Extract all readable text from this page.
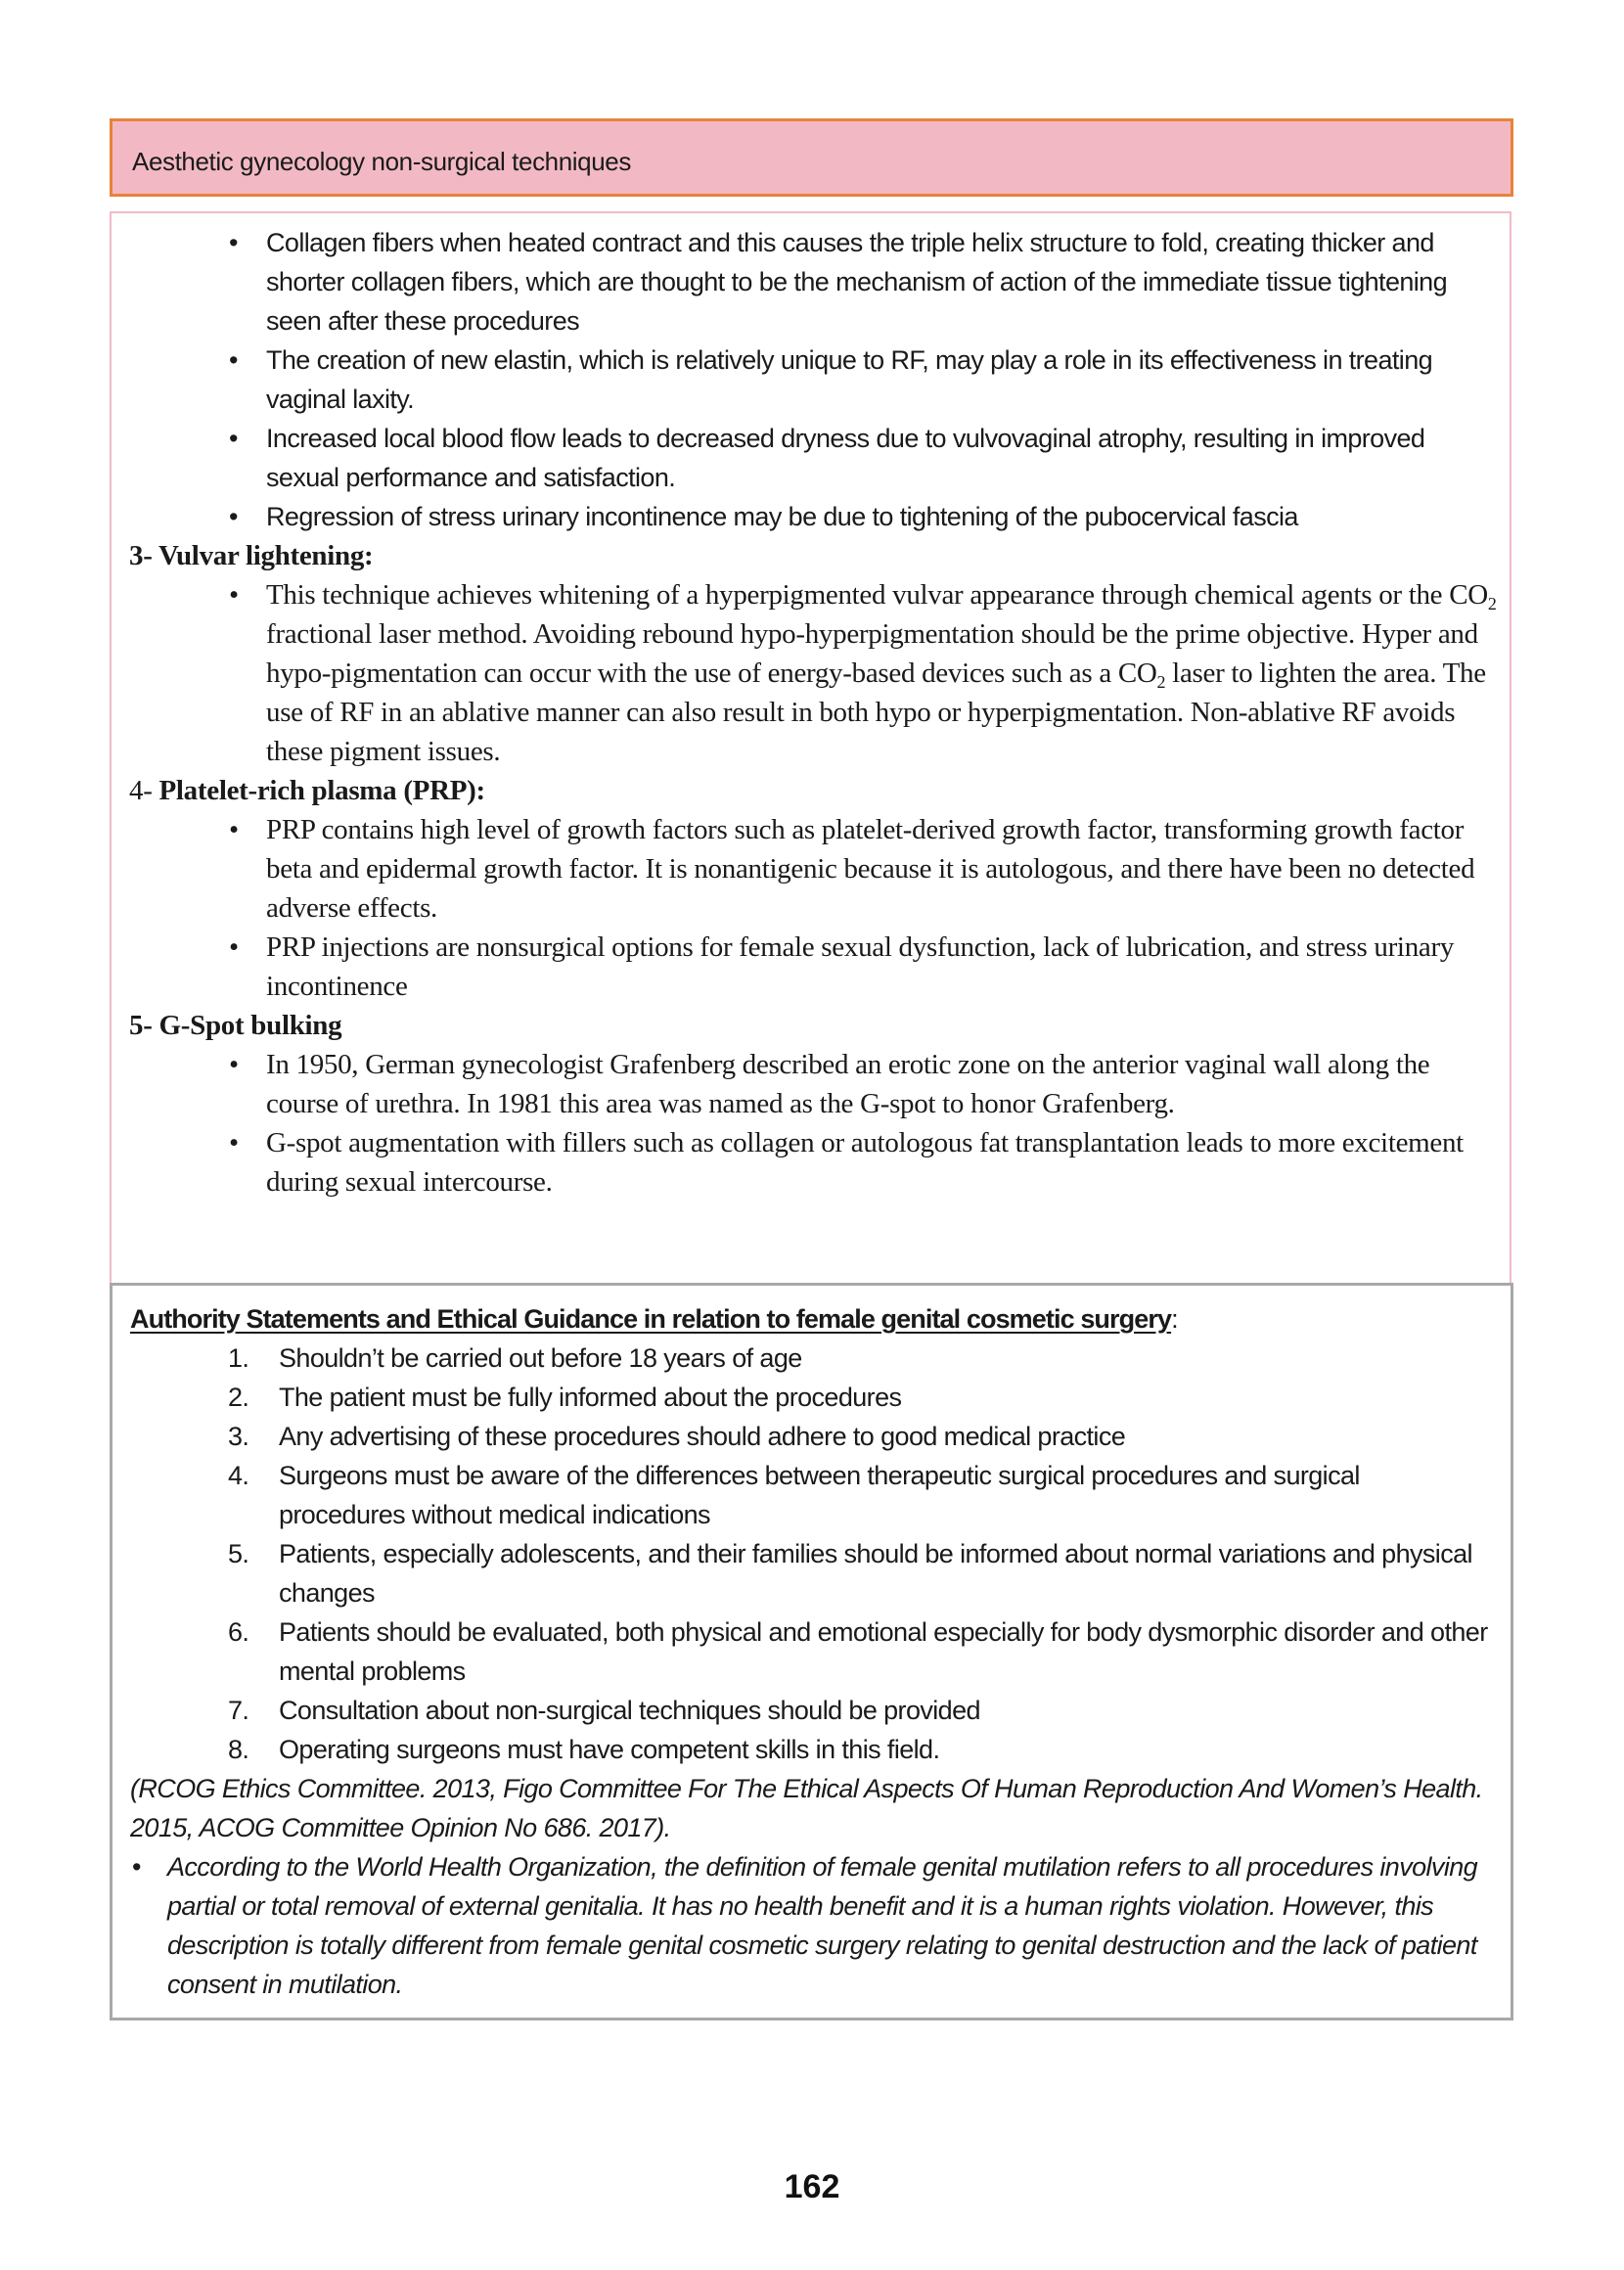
Aesthetic gynecology non-surgical techniques
• Collagen fibers when heated contract and this causes the triple helix structure to fold, creating thicker and shorter collagen fibers, which are thought to be the mechanism of action of the immediate tissue tightening seen after these procedures
• The creation of new elastin, which is relatively unique to RF, may play a role in its effectiveness in treating vaginal laxity.
• Increased local blood flow leads to decreased dryness due to vulvovaginal atrophy, resulting in improved sexual performance and satisfaction.
• Regression of stress urinary incontinence may be due to tightening of the pubocervical fascia
3- Vulvar lightening:
• This technique achieves whitening of a hyperpigmented vulvar appearance through chemical agents or the $CO_2$ fractional laser method. Avoiding rebound hypo-hyperpigmentation should be the prime objective. Hyper and hypo-pigmentation can occur with the use of energy-based devices such as a $CO_2$ laser to lighten the area. The use of RF in an ablative manner can also result in both hypo or hyperpigmentation. Non-ablative RF avoids these pigment issues.
4- Platelet-rich plasma (PRP):
• PRP contains high level of growth factors such as platelet-derived growth factor, transforming growth factor beta and epidermal growth factor. It is nonantigenic because it is autologous, and there have been no detected adverse effects.
• PRP injections are nonsurgical options for female sexual dysfunction, lack of lubrication, and stress urinary incontinence
5- G-Spot bulking
• In 1950, German gynecologist Grafenberg described an erotic zone on the anterior vaginal wall along the course of urethra. In 1981 this area was named as the G-spot to honor Grafenberg.
• G-spot augmentation with fillers such as collagen or autologous fat transplantation leads to more excitement during sexual intercourse.
Authority Statements and Ethical Guidance in relation to female genital cosmetic surgery:
1. Shouldn’t be carried out before 18 years of age
2. The patient must be fully informed about the procedures
3. Any advertising of these procedures should adhere to good medical practice
4. Surgeons must be aware of the differences between therapeutic surgical procedures and surgical procedures without medical indications
5. Patients, especially adolescents, and their families should be informed about normal variations and physical changes
6. Patients should be evaluated, both physical and emotional especially for body dysmorphic disorder and other mental problems
7. Consultation about non-surgical techniques should be provided
8. Operating surgeons must have competent skills in this field.
(RCOG Ethics Committee. 2013, Figo Committee For The Ethical Aspects Of Human Reproduction And Women’s Health. 2015, ACOG Committee Opinion No 686. 2017).
• According to the World Health Organization, the definition of female genital mutilation refers to all procedures involving partial or total removal of external genitalia. It has no health benefit and it is a human rights violation. However, this description is totally different from female genital cosmetic surgery relating to genital destruction and the lack of patient consent in mutilation.
162
